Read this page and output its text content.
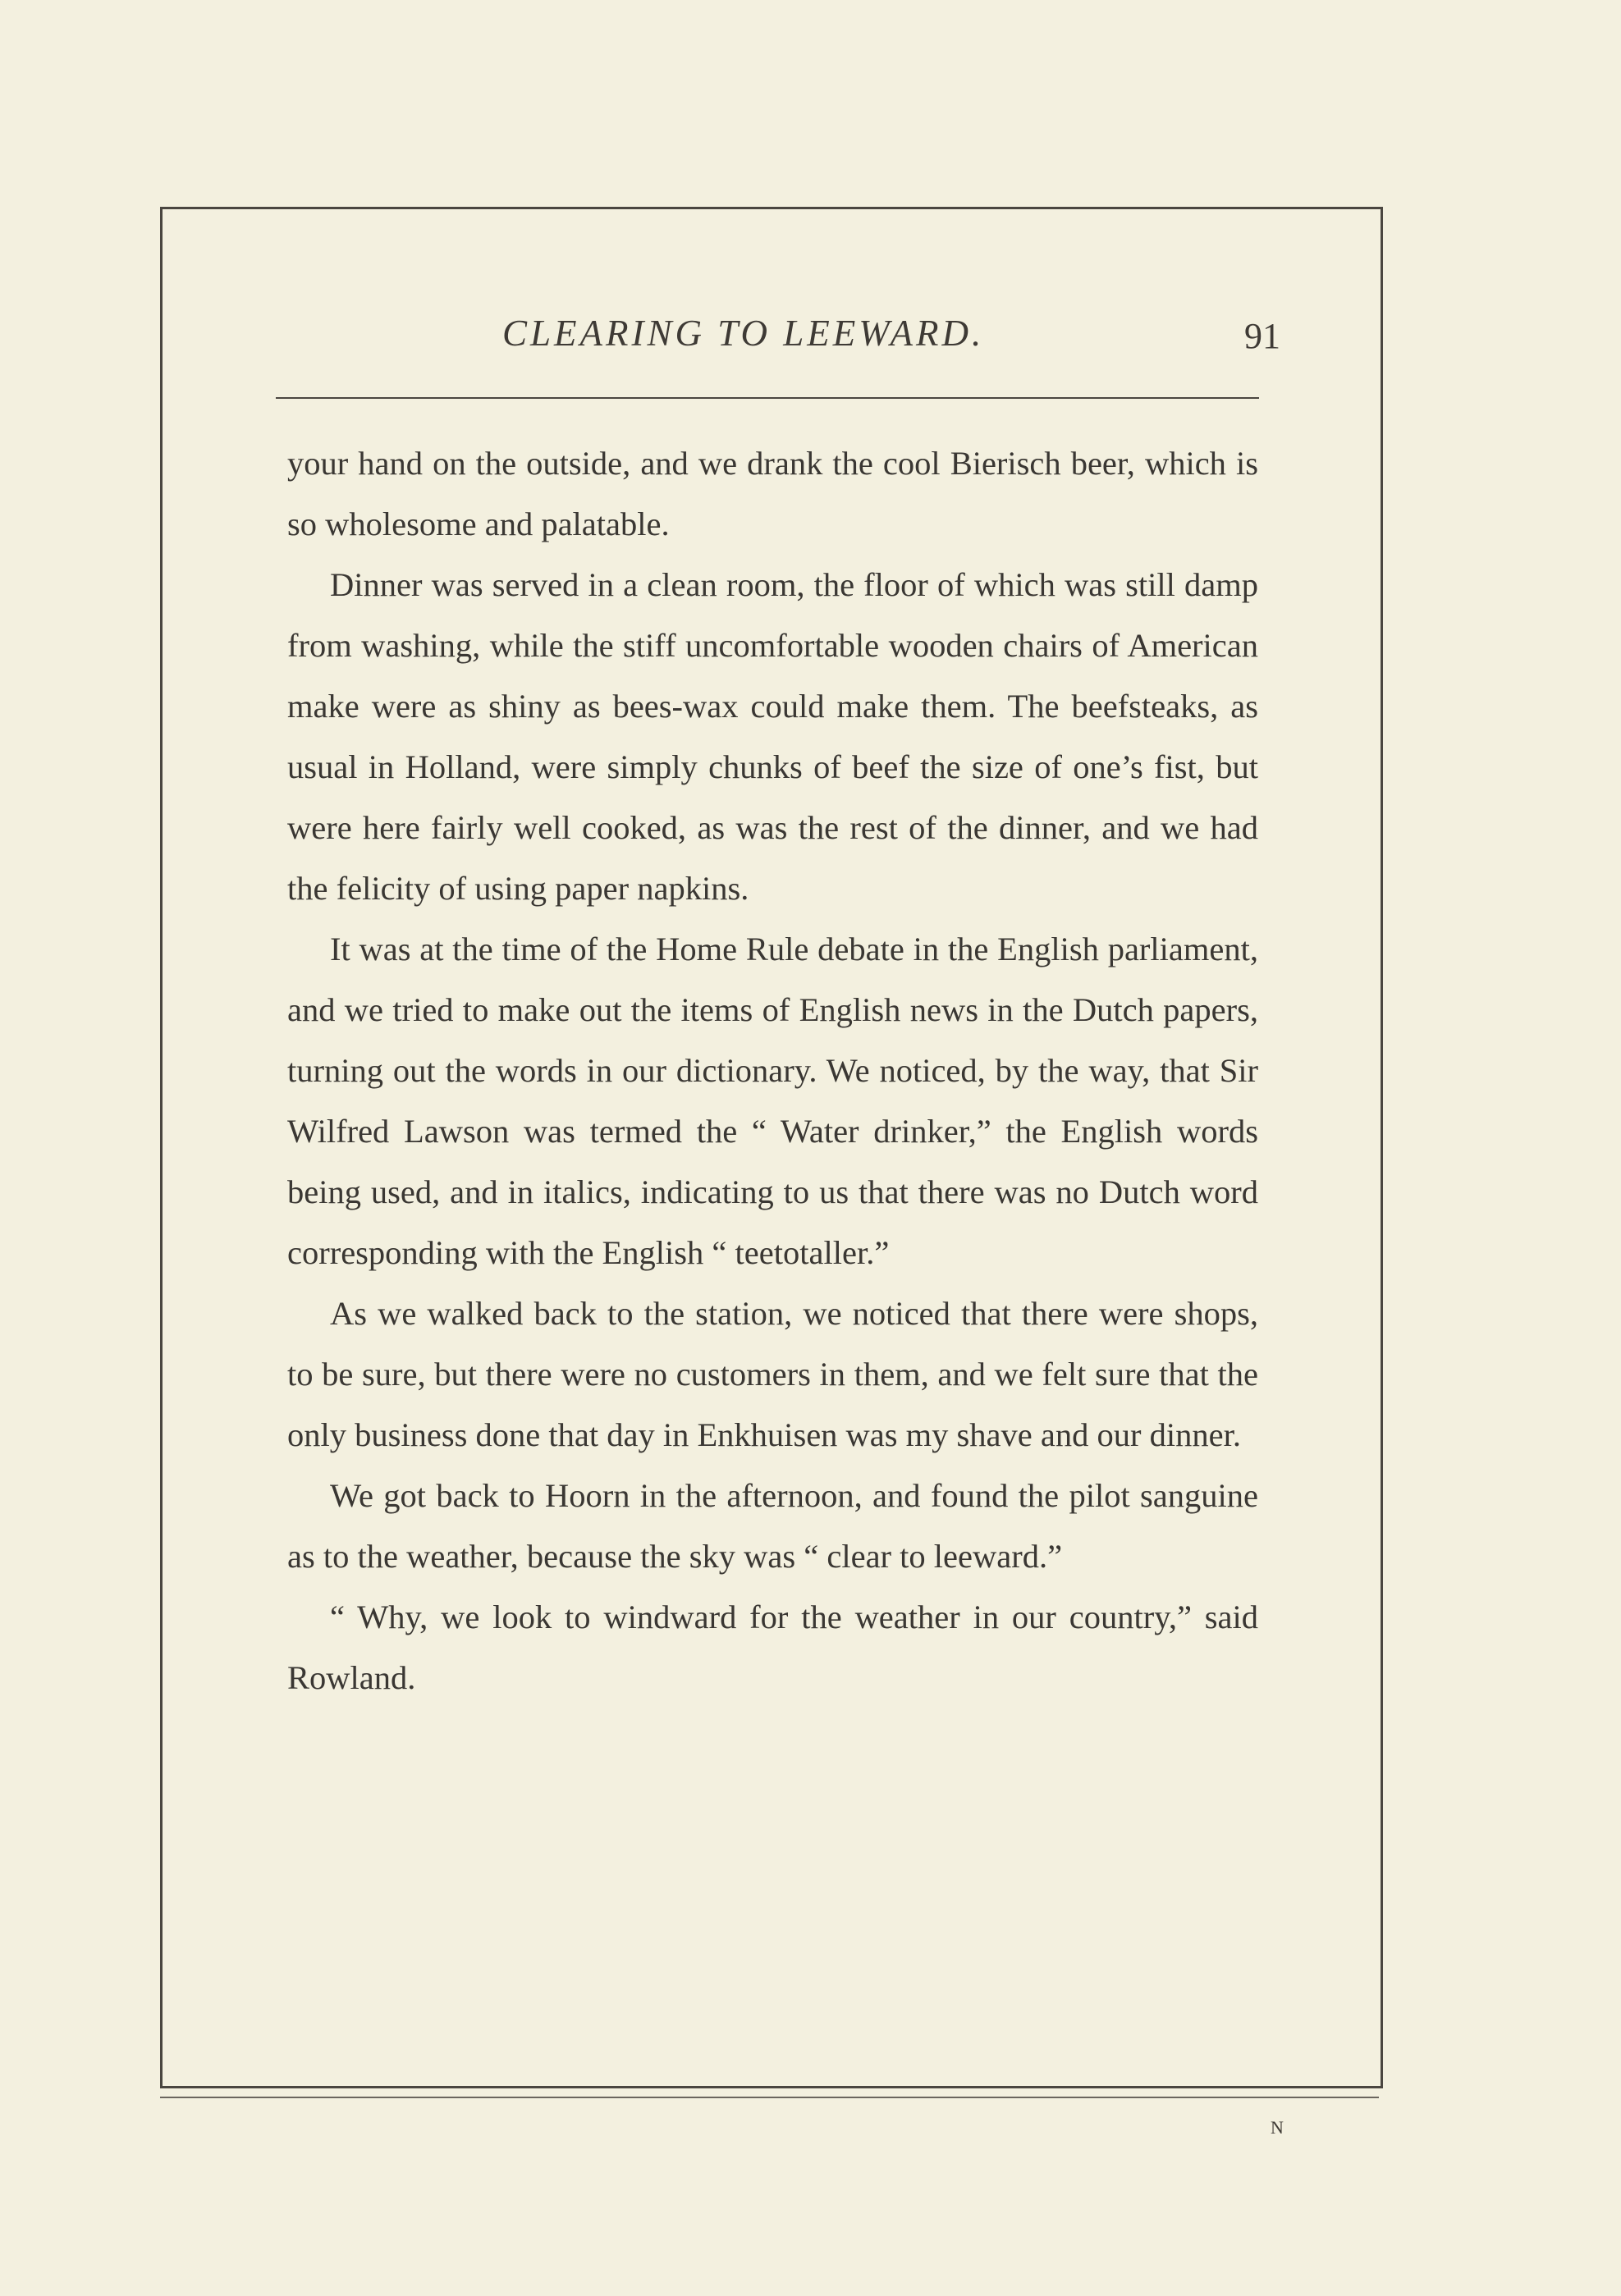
CLEARING TO LEEWARD.	91

your hand on the outside, and we drank the cool Bierisch beer, which is so wholesome and palatable.

Dinner was served in a clean room, the floor of which was still damp from washing, while the stiff uncomfortable wooden chairs of American make were as shiny as bees-wax could make them. The beefsteaks, as usual in Holland, were simply chunks of beef the size of one’s fist, but were here fairly well cooked, as was the rest of the dinner, and we had the felicity of using paper napkins.

It was at the time of the Home Rule debate in the English parliament, and we tried to make out the items of English news in the Dutch papers, turning out the words in our dictionary. We noticed, by the way, that Sir Wilfred Lawson was termed the “ Water drinker,” the English words being used, and in italics, indicating to us that there was no Dutch word corresponding with the English “ teetotaller.”

As we walked back to the station, we noticed that there were shops, to be sure, but there were no customers in them, and we felt sure that the only business done that day in Enkhuisen was my shave and our dinner.

We got back to Hoorn in the afternoon, and found the pilot sanguine as to the weather, because the sky was “ clear to leeward.”

“ Why, we look to windward for the weather in our country,” said Rowland.

N
